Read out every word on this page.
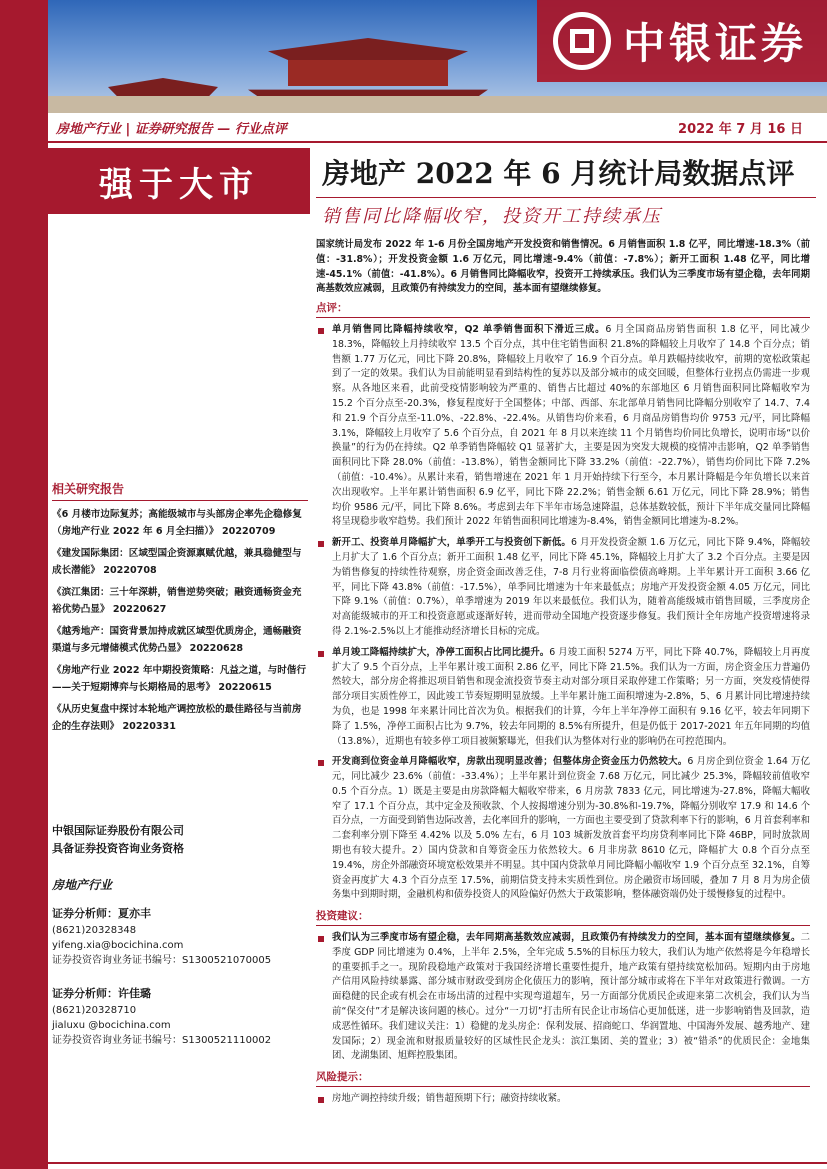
中银证券
房地产行业 | 证券研究报告 — 行业点评	2022 年 7 月 16 日
强于大市	房地产 2022 年 6 月统计局数据点评
销售同比降幅收窄，投资开工持续承压
相关研究报告
《6 月楼市边际复苏；高能级城市与头部房企率先企稳修复（房地产行业 2022 年 6 月全扫描）》 20220709
《建发国际集团：区域型国企资源禀赋优越，兼具稳健型与成长潜能》 20220708
《滨江集团：三十年深耕，销售逆势突破；融资通畅资金充裕优势凸显》 20220627
《越秀地产：国资背景加持成就区域型优质房企，通畅融资渠道与多元增储模式优势凸显》 20220628
《房地产行业 2022 年中期投资策略：凡益之道，与时偕行——关于短期博弈与长期格局的思考》 20220615
《从历史复盘中探讨本轮地产调控放松的最佳路径与当前房企的生存法则》 20220331
中银国际证券股份有限公司
具备证券投资咨询业务资格
房地产行业
证券分析师：夏亦丰
(8621)20328348
yifeng.xia@bocichina.com
证券投资咨询业务证书编号：S1300521070005
证券分析师：许佳璐
(8621)20328710
jialuxu @bocichina.com
证券投资咨询业务证书编号：S1300521110002
国家统计局发布 2022 年 1-6 月份全国房地产开发投资和销售情况。6 月销售面积 1.8 亿平，同比增速-18.3%（前值：-31.8%）；开发投资金额 1.6 万亿元，同比增速-9.4%（前值：-7.8%）；新开工面积 1.48 亿平，同比增速-45.1%（前值：-41.8%）。6 月销售同比降幅收窄，投资开工持续承压。我们认为三季度市场有望企稳，去年同期高基数效应减弱，且政策仍有持续发力的空间，基本面有望继续修复。
点评：
单月销售同比降幅持续收窄，Q2 单季销售面积下滑近三成。6 月全国商品房销售面积 1.8 亿平，同比减少 18.3%，降幅较上月持续收窄 13.5 个百分点，其中住宅销售面积 21.8%的降幅较上月收窄了 14.8 个百分点；销售额 1.77 万亿元，同比下降 20.8%，降幅较上月收窄了 16.9 个百分点。单月跌幅持续收窄，前期的宽松政策起到了一定的效果。我们认为目前能明显看到结构性的复苏以及部分城市的成交回暖，但整体行业拐点仍需进一步观察。从各地区来看，此前受疫情影响较为严重的、销售占比超过 40%的东部地区 6 月销售面积同比降幅收窄为 15.2 个百分点至-20.3%，修复程度好于全国整体；中部、西部、东北部单月销售同比降幅分别收窄了 14.7、7.4 和 21.9 个百分点至-11.0%、-22.8%、-22.4%。从销售均价来看，6 月商品房销售均价 9753 元/平，同比降幅 3.1%，降幅较上月收窄了 5.6 个百分点，自 2021 年 8 月以来连续 11 个月销售均价同比负增长，说明市场“以价换量”的行为仍在持续。Q2 单季销售降幅较 Q1 显著扩大，主要是因为突发大规模的疫情冲击影响，Q2 单季销售面积同比下降 28.0%（前值：-13.8%），销售金额同比下降 33.2%（前值：-22.7%），销售均价同比下降 7.2%（前值：-10.4%）。从累计来看，销售增速在 2021 年 1 月开始持续下行至今，本月累计降幅是今年负增长以来首次出现收窄。上半年累计销售面积 6.9 亿平，同比下降 22.2%；销售金额 6.61 万亿元，同比下降 28.9%；销售均价 9586 元/平，同比下降 8.6%。考虑到去年下半年市场急速降温，总体基数较低，预计下半年成交量同比降幅将呈现稳步收窄趋势。我们预计 2022 年销售面积同比增速为-8.4%，销售金额同比增速为-8.2%。
新开工、投资单月降幅扩大，单季开工与投资创下新低。6 月开发投资金额 1.6 万亿元，同比下降 9.4%，降幅较上月扩大了 1.6 个百分点；新开工面积 1.48 亿平，同比下降 45.1%，降幅较上月扩大了 3.2 个百分点。主要是因为销售修复的持续性待观察，房企资金面改善乏佳，7-8 月行业将面临偿债高峰期。上半年累计开工面积 3.66 亿平，同比下降 43.8%（前值：-17.5%），单季同比增速为十年来最低点；房地产开发投资金额 4.05 万亿元，同比下降 9.1%（前值：0.7%），单季增速为 2019 年以来最低位。我们认为，随着高能级城市销售回暖，三季度房企对高能级城市的开工和投资意愿或逐渐好转，进而带动全国地产投资逐步修复。我们预计全年房地产投资增速将录得 2.1%-2.5%以上才能推动经济增长目标的完成。
单月竣工降幅持续扩大，净停工面积占比同比提升。6 月竣工面积 5274 万平，同比下降 40.7%，降幅较上月再度扩大了 9.5 个百分点，上半年累计竣工面积 2.86 亿平，同比下降 21.5%。我们认为一方面，房企资金压力普遍仍然较大，部分房企将推迟项目销售和现金流投资节奏主动对部分项目采取停建工作策略；另一方面，突发疫情使得部分项目实质性停工，因此竣工节奏短期明显放缓。上半年累计施工面积增速为-2.8%，5、6 月累计同比增速持续为负，也是 1998 年来累计同比首次为负。根据我们的计算，今年上半年净停工面积有 9.16 亿平，较去年同期下降了 1.5%，净停工面积占比为 9.7%，较去年同期的 8.5%有所提升，但是仍低于 2017-2021 年五年同期的均值（13.8%），近期也有较多停工项目被频繁曝光，但我们认为整体对行业的影响仍在可控范围内。
开发商到位资金单月降幅收窄，房款出现明显改善；但整体房企资金压力仍然较大。6 月房企到位资金 1.64 万亿元，同比减少 23.6%（前值：-33.4%）；上半年累计到位资金 7.68 万亿元，同比减少 25.3%，降幅较前值收窄 0.5 个百分点。1）既是主要是由房款降幅大幅收窄带来，6 月房款 7833 亿元，同比增速为-27.8%，降幅大幅收窄了 17.1 个百分点，其中定金及预收款、个人按揭增速分别为-30.8%和-19.7%，降幅分别收窄 17.9 和 14.6 个百分点，一方面受到销售边际改善，去化率回升的影响，一方面也主要受到了贷款利率下行的影响，6 月首套利率和二套利率分别下降至 4.42% 以及 5.0% 左右，6 月 103 城新发放首套平均房贷利率同比下降 46BP，同时放款周期也有较大提升。2）国内贷款和自筹资金压力依然较大。6 月非房款 8610 亿元，降幅扩大 0.8 个百分点至 19.4%，房企外部融资环境宽松效果并不明显。其中国内贷款单月同比降幅小幅收窄 1.9 个百分点至 32.1%，自筹资金再度扩大 4.3 个百分点至 17.5%，前期信贷支持未实质性到位。房企融资市场回暖，叠加 7 月 8 月为房企债务集中到期时期，金融机构和债券投资人的风险偏好仍然大于政策影响，整体融资端仍处于缓慢修复的过程中。
投资建议：
我们认为三季度市场有望企稳，去年同期高基数效应减弱，且政策仍有持续发力的空间，基本面有望继续修复。二季度 GDP 同比增速为 0.4%，上半年 2.5%，全年完成 5.5%的目标压力较大，我们认为地产依然将是今年稳增长的重要抓手之一。现阶段稳地产政策对于我国经济增长重要性提升，地产政策有望持续宽松加码。短期内由于房地产信用风险持续暴露、部分城市财政受到房企化债压力的影响，预计部分城市或将在下半年对政策进行微调。一方面稳健的民企或有机会在市场出清的过程中实现弯道超车，另一方面部分优质民企或迎来第二次机会，我们认为当前“保交付”才是解决该问题的核心。过分“一刀切”打击所有民企让市场信心更加低迷，进一步影响销售及回款，造成恶性循环。我们建议关注：1）稳健的龙头房企：保利发展、招商蛇口、华润置地、中国海外发展、越秀地产、建发国际；2）现金流和财报质量较好的区域性民企龙头：滨江集团、美的置业；3）被“错杀”的优质民企：金地集团、龙湖集团、旭辉控股集团。
风险提示：
房地产调控持续升级；销售超预期下行；融资持续收紧。
